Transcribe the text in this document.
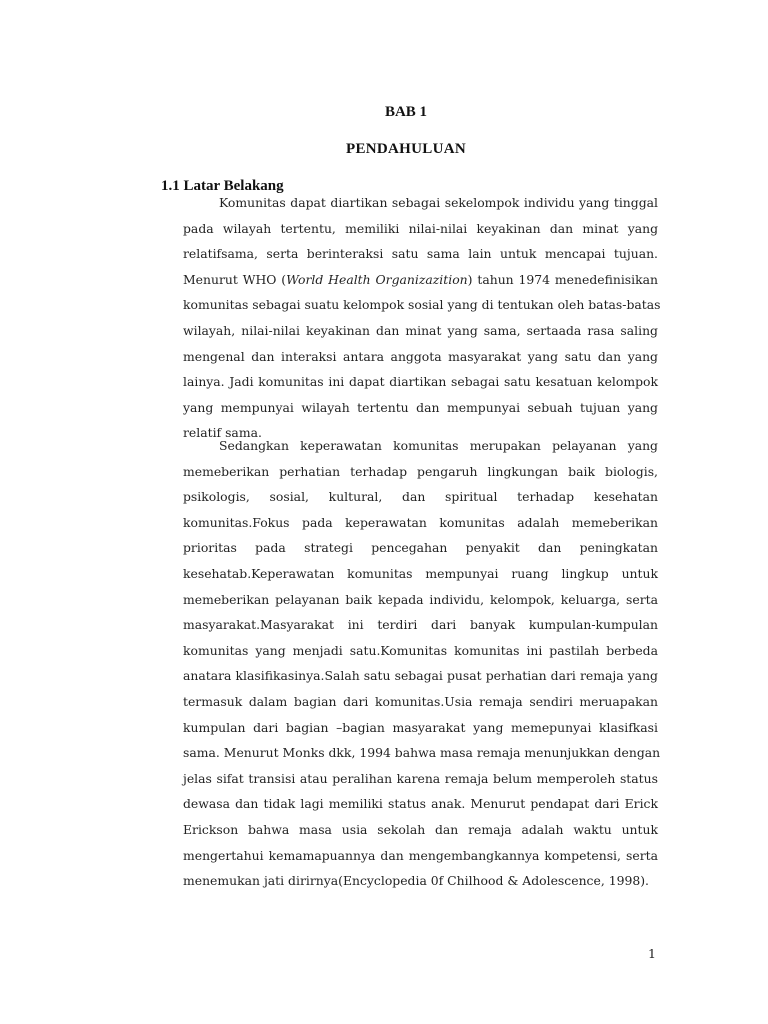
BAB 1
PENDAHULUAN
1.1 Latar Belakang
Komunitas dapat diartikan sebagai sekelompok individu yang tinggal
pada wilayah tertentu, memiliki nilai-nilai keyakinan dan minat yang
relatifsama, serta berinteraksi satu sama lain untuk mencapai tujuan.
Menurut WHO (World Health Organizazition) tahun 1974 menedefinisikan
komunitas sebagai suatu kelompok sosial yang di tentukan oleh batas-batas
wilayah, nilai-nilai keyakinan dan minat yang sama, sertaada rasa saling
mengenal dan interaksi antara anggota masyarakat yang satu dan yang
lainya. Jadi komunitas ini dapat diartikan sebagai satu kesatuan kelompok
yang mempunyai wilayah tertentu dan mempunyai sebuah tujuan yang
relatif sama.
Sedangkan keperawatan komunitas merupakan pelayanan yang
memeberikan perhatian terhadap pengaruh lingkungan baik biologis,
psikologis, sosial, kultural, dan spiritual terhadap kesehatan
komunitas.Fokus pada keperawatan komunitas adalah memeberikan
prioritas pada strategi pencegahan penyakit dan peningkatan
kesehatab.Keperawatan komunitas mempunyai ruang lingkup untuk
memeberikan pelayanan baik kepada individu, kelompok, keluarga, serta
masyarakat.Masyarakat ini terdiri dari banyak kumpulan-kumpulan
komunitas yang menjadi satu.Komunitas komunitas ini pastilah berbeda
anatara klasifikasinya.Salah satu sebagai pusat perhatian dari remaja yang
termasuk dalam bagian dari komunitas.Usia remaja sendiri meruapakan
kumpulan dari bagian –bagian masyarakat yang memepunyai klasifkasi
sama. Menurut Monks dkk, 1994 bahwa masa remaja menunjukkan dengan
jelas sifat transisi atau peralihan karena remaja belum memperoleh status
dewasa dan tidak lagi memiliki status anak. Menurut pendapat dari Erick
Erickson bahwa masa usia sekolah dan remaja adalah waktu untuk
mengertahui kemamapuannya dan mengembangkannya kompetensi, serta
menemukan jati dirirnya(Encyclopedia 0f Chilhood & Adolescence, 1998).
1
